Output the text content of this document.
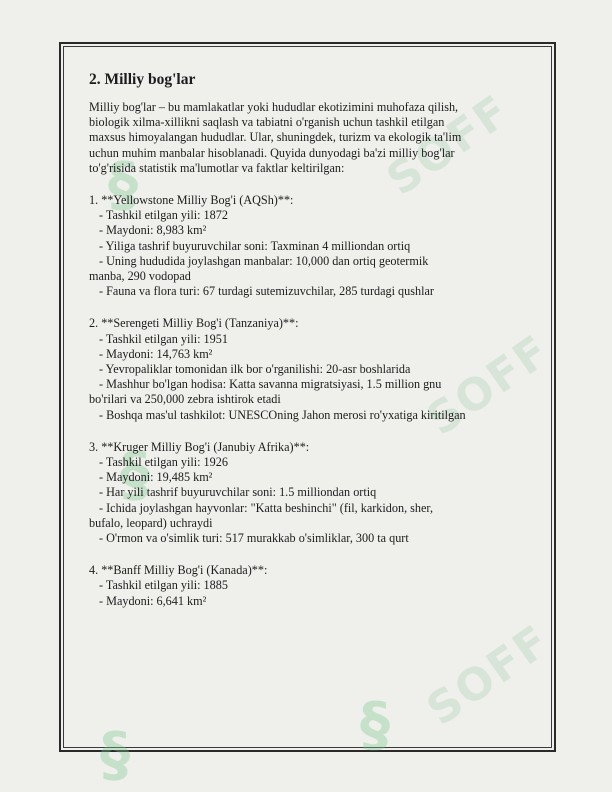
§	SOFF
§
SOFF
§ SOFF
§
2. Milliy bog'lar

Milliy bog'lar – bu mamlakatlar yoki hududlar ekotizimini muhofaza qilish,
biologik xilma-xillikni saqlash va tabiatni o'rganish uchun tashkil etilgan
maxsus himoyalangan hududlar. Ular, shuningdek, turizm va ekologik ta'lim
uchun muhim manbalar hisoblanadi. Quyida dunyodagi ba'zi milliy bog'lar
to'g'risida statistik ma'lumotlar va faktlar keltirilgan:

1. **Yellowstone Milliy Bog'i (AQSh)**:
- Tashkil etilgan yili: 1872
- Maydoni: 8,983 km²
- Yiliga tashrif buyuruvchilar soni: Taxminan 4 milliondan ortiq
- Uning hududida joylashgan manbalar: 10,000 dan ortiq geotermik
manba, 290 vodopad
- Fauna va flora turi: 67 turdagi sutemizuvchilar, 285 turdagi qushlar
2. **Serengeti Milliy Bog'i (Tanzaniya)**:
- Tashkil etilgan yili: 1951
- Maydoni: 14,763 km²
- Yevropaliklar tomonidan ilk bor o'rganilishi: 20-asr boshlarida
- Mashhur bo'lgan hodisa: Katta savanna migratsiyasi, 1.5 million gnu
bo'rilari va 250,000 zebra ishtirok etadi
- Boshqa mas'ul tashkilot: UNESCOning Jahon merosi ro'yxatiga kiritilgan
3. **Kruger Milliy Bog'i (Janubiy Afrika)**:
- Tashkil etilgan yili: 1926
- Maydoni: 19,485 km²
- Har yili tashrif buyuruvchilar soni: 1.5 milliondan ortiq
- Ichida joylashgan hayvonlar: "Katta beshinchi" (fil, karkidon, sher,
bufalo, leopard) uchraydi
- O'rmon va o'simlik turi: 517 murakkab o'simliklar, 300 ta qurt
4. **Banff Milliy Bog'i (Kanada)**:
- Tashkil etilgan yili: 1885
- Maydoni: 6,641 km²
